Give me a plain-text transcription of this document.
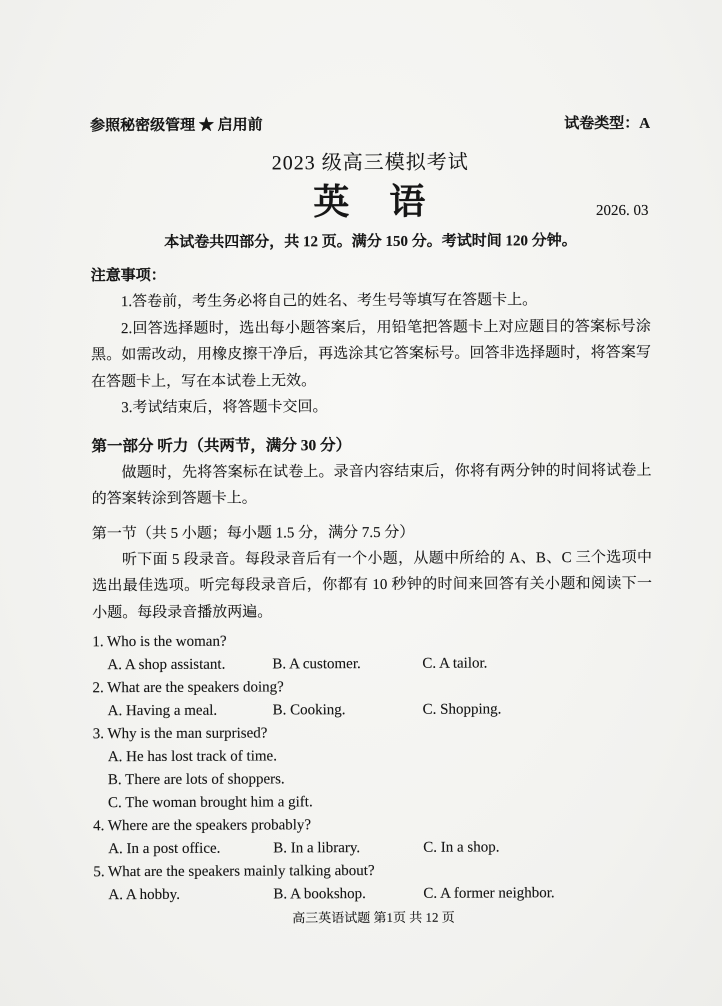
参照秘密级管理 ★ 启用前	试卷类型：A
2023 级高三模拟考试
英　语	2026. 03
本试卷共四部分，共 12 页。满分 150 分。考试时间 120 分钟。
注意事项：

1.答卷前，考生务必将自己的姓名、考生号等填写在答题卡上。

2.回答选择题时，选出每小题答案后，用铅笔把答题卡上对应题目的答案标号涂黑。如需改动，用橡皮擦干净后，再选涂其它答案标号。回答非选择题时，将答案写在答题卡上，写在本试卷上无效。

3.考试结束后，将答题卡交回。

第一部分 听力（共两节，满分 30 分）

做题时，先将答案标在试卷上。录音内容结束后，你将有两分钟的时间将试卷上的答案转涂到答题卡上。

第一节（共 5 小题；每小题 1.5 分，满分 7.5 分）

听下面 5 段录音。每段录音后有一个小题，从题中所给的 A、B、C 三个选项中选出最佳选项。听完每段录音后，你都有 10 秒钟的时间来回答有关小题和阅读下一小题。每段录音播放两遍。

1. Who is the woman?
A. A shop assistant.	B. A customer.	C. A tailor.
2. What are the speakers doing?
A. Having a meal.	B. Cooking.	C. Shopping.
3. Why is the man surprised?
A. He has lost track of time.
B. There are lots of shoppers.
C. The woman brought him a gift.
4. Where are the speakers probably?
A. In a post office.	B. In a library.	C. In a shop.
5. What are the speakers mainly talking about?
A. A hobby.	B. A bookshop.	C. A former neighbor.
高三英语试题 第1页 共 12 页
